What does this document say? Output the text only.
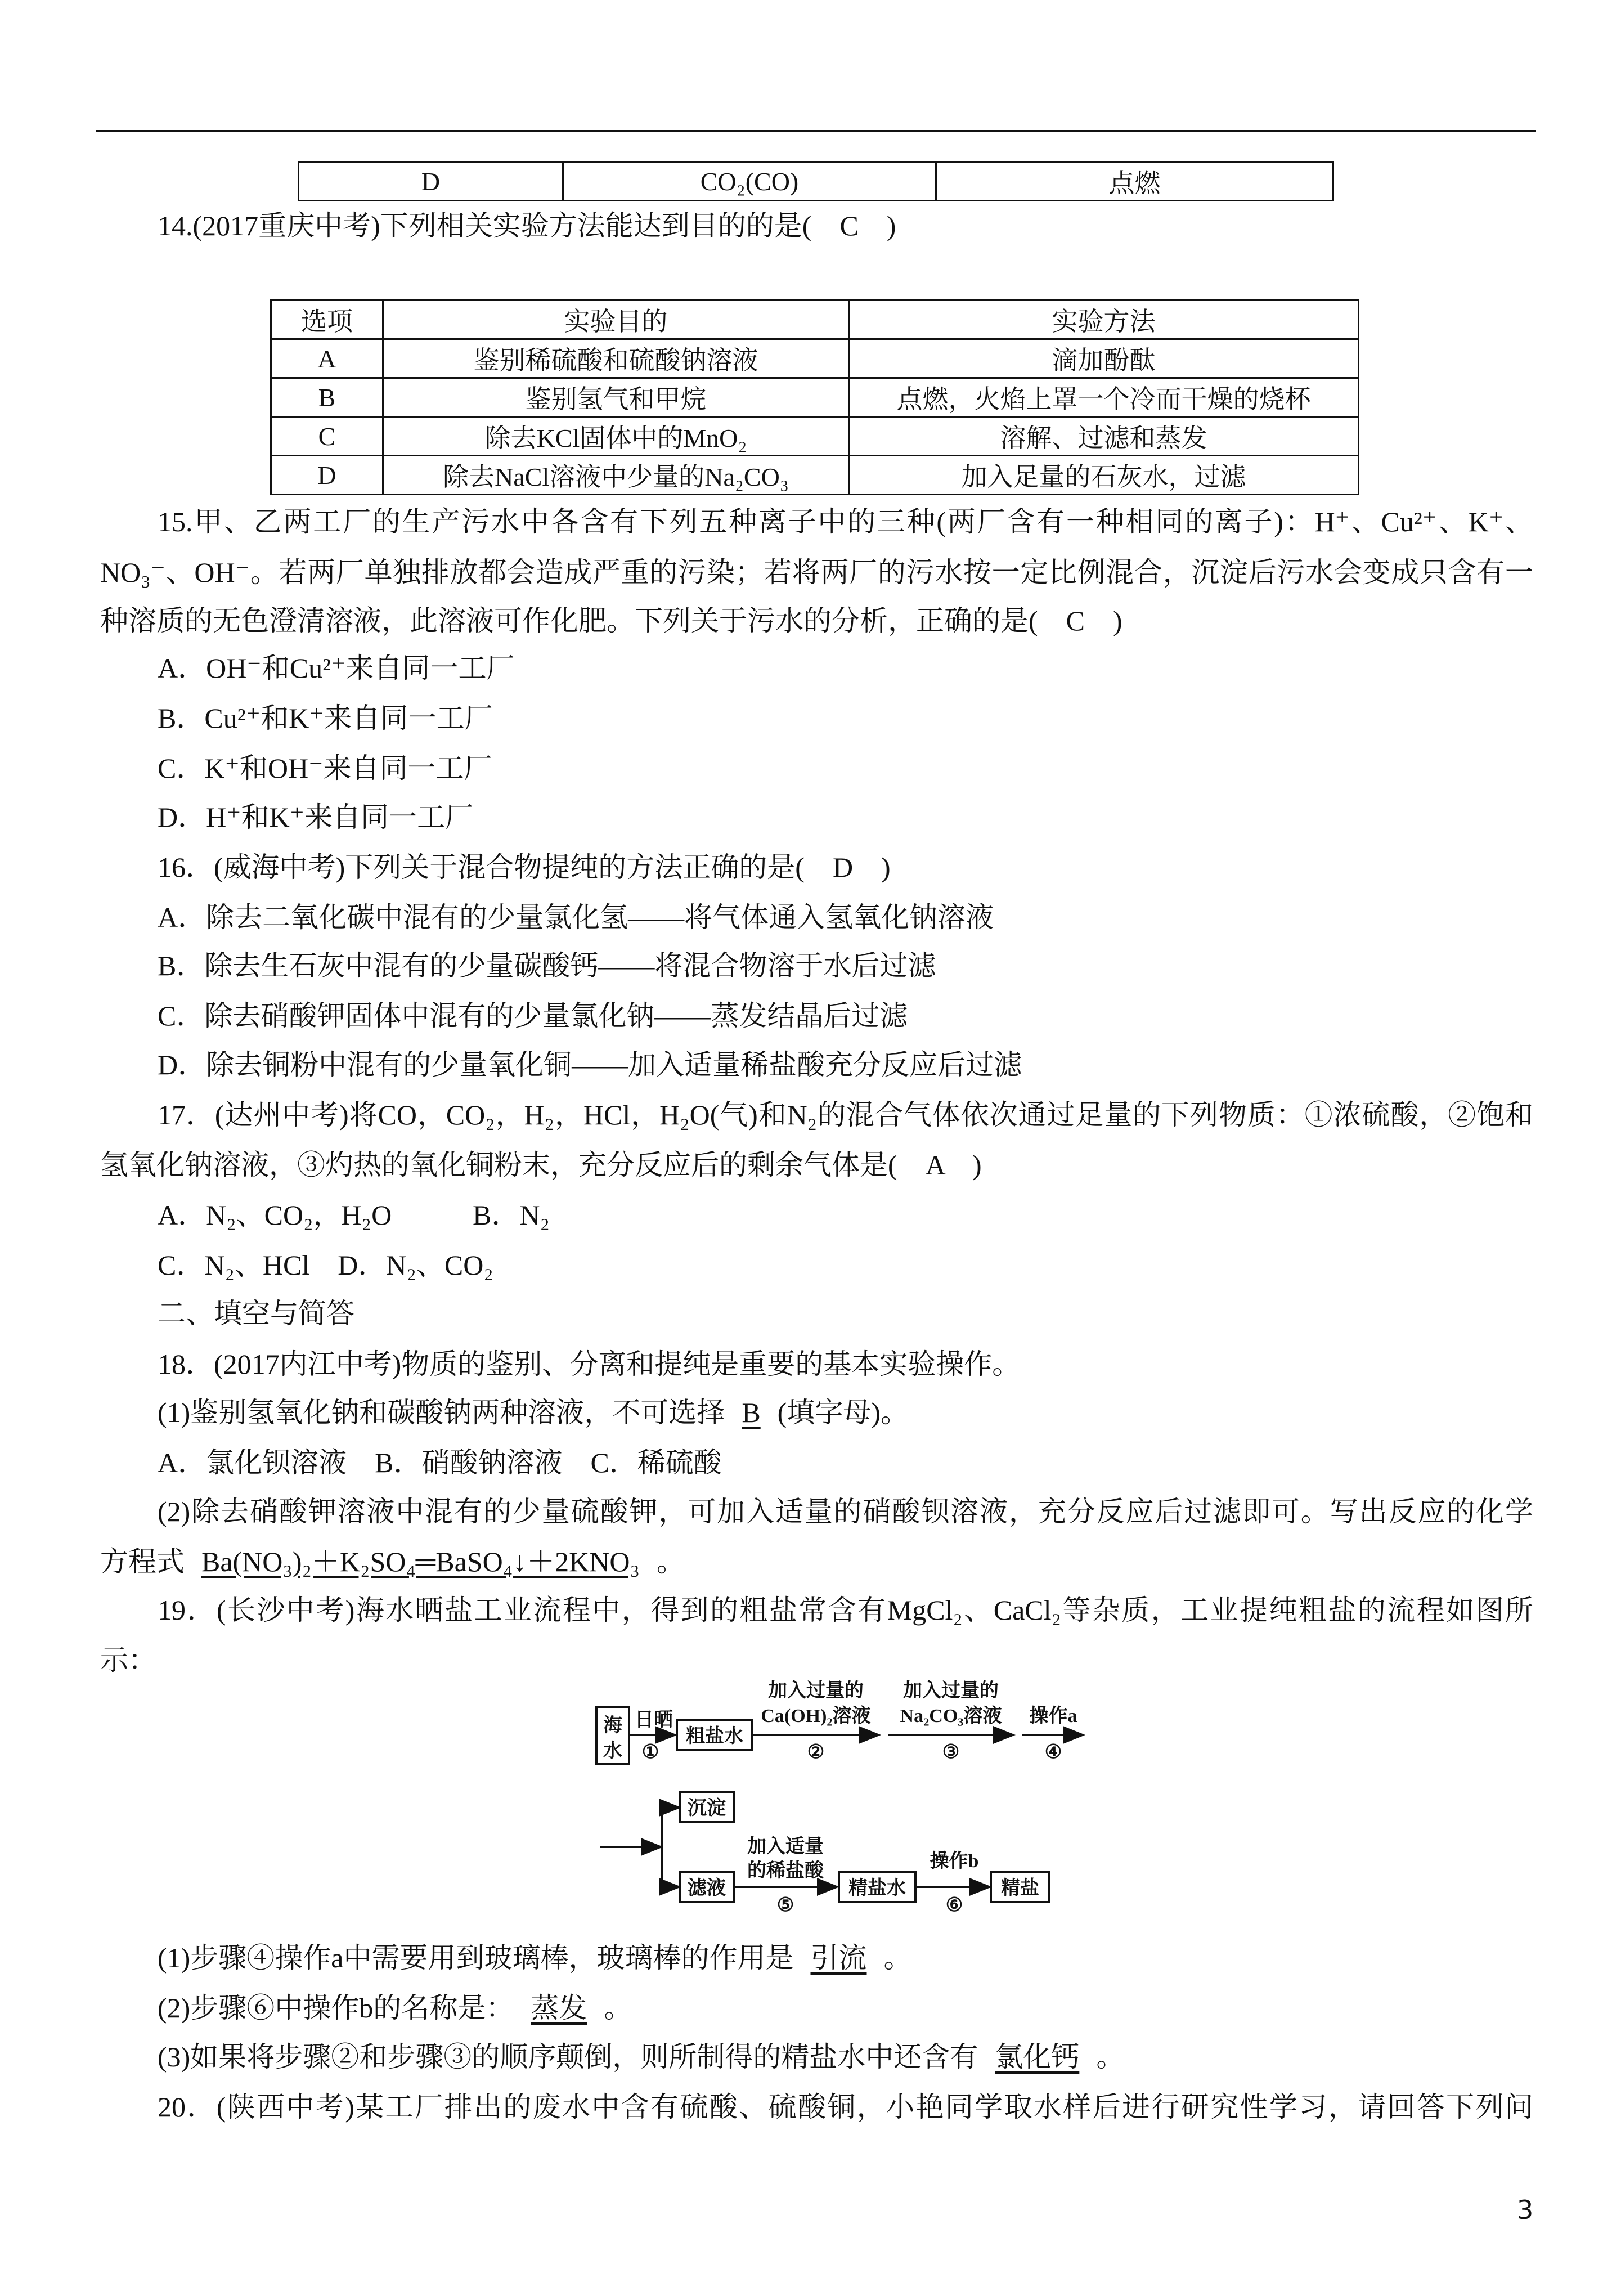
D	CO₂(CO)	点燃
14.(2017重庆中考)下列相关实验方法能达到目的的是(　C　)
选项	实验目的	实验方法
A	鉴别稀硫酸和硫酸钠溶液	滴加酚酞
B	鉴别氢气和甲烷	点燃，火焰上罩一个冷而干燥的烧杯
C	除去KCl固体中的MnO₂	溶解、过滤和蒸发
D	除去NaCl溶液中少量的Na₂CO₃	加入足量的石灰水，过滤
15.甲、乙两工厂的生产污水中各含有下列五种离子中的三种(两厂含有一种相同的离子)：H⁺、Cu²⁺、K⁺、
NO₃⁻、OH⁻。若两厂单独排放都会造成严重的污染；若将两厂的污水按一定比例混合，沉淀后污水会变成只含有一
种溶质的无色澄清溶液，此溶液可作化肥。下列关于污水的分析，正确的是(　C　)
A．OH⁻和Cu²⁺来自同一工厂
B．Cu²⁺和K⁺来自同一工厂
C．K⁺和OH⁻来自同一工厂
D．H⁺和K⁺来自同一工厂
16．(威海中考)下列关于混合物提纯的方法正确的是(　D　)
A．除去二氧化碳中混有的少量氯化氢——将气体通入氢氧化钠溶液
B．除去生石灰中混有的少量碳酸钙——将混合物溶于水后过滤
C．除去硝酸钾固体中混有的少量氯化钠——蒸发结晶后过滤
D．除去铜粉中混有的少量氧化铜——加入适量稀盐酸充分反应后过滤
17．(达州中考)将CO，CO₂，H₂，HCl，H₂O(气)和N₂的混合气体依次通过足量的下列物质：①浓硫酸，②饱和
氢氧化钠溶液，③灼热的氧化铜粉末，充分反应后的剩余气体是(　A　)
A．N₂、CO₂，H₂O	B．N₂
C．N₂、HCl　D．N₂、CO₂
二、填空与简答
18．(2017内江中考)物质的鉴别、分离和提纯是重要的基本实验操作。
(1)鉴别氢氧化钠和碳酸钠两种溶液，不可选择 B (填字母)。
A．氯化钡溶液　B．硝酸钠溶液　C．稀硫酸
(2)除去硝酸钾溶液中混有的少量硫酸钾，可加入适量的硝酸钡溶液，充分反应后过滤即可。写出反应的化学
方程式 Ba(NO₃)₂＋K₂SO₄═BaSO₄↓＋2KNO₃ 。
19．(长沙中考)海水晒盐工业流程中，得到的粗盐常含有MgCl₂、CaCl₂等杂质，工业提纯粗盐的流程如图所
示：
海
水
日晒
粗盐水
加入过量的
Ca(OH)₂溶液
加入过量的
Na₂CO₃溶液 操作a
①	②	③	④
沉淀
滤液
加入适量
的稀盐酸
⑤
精盐水
操作b
⑥
精盐
(1)步骤④操作a中需要用到玻璃棒，玻璃棒的作用是 引流 。
(2)步骤⑥中操作b的名称是： 蒸发 。
(3)如果将步骤②和步骤③的顺序颠倒，则所制得的精盐水中还含有 氯化钙 。
20．(陕西中考)某工厂排出的废水中含有硫酸、硫酸铜，小艳同学取水样后进行研究性学习，请回答下列问
3
